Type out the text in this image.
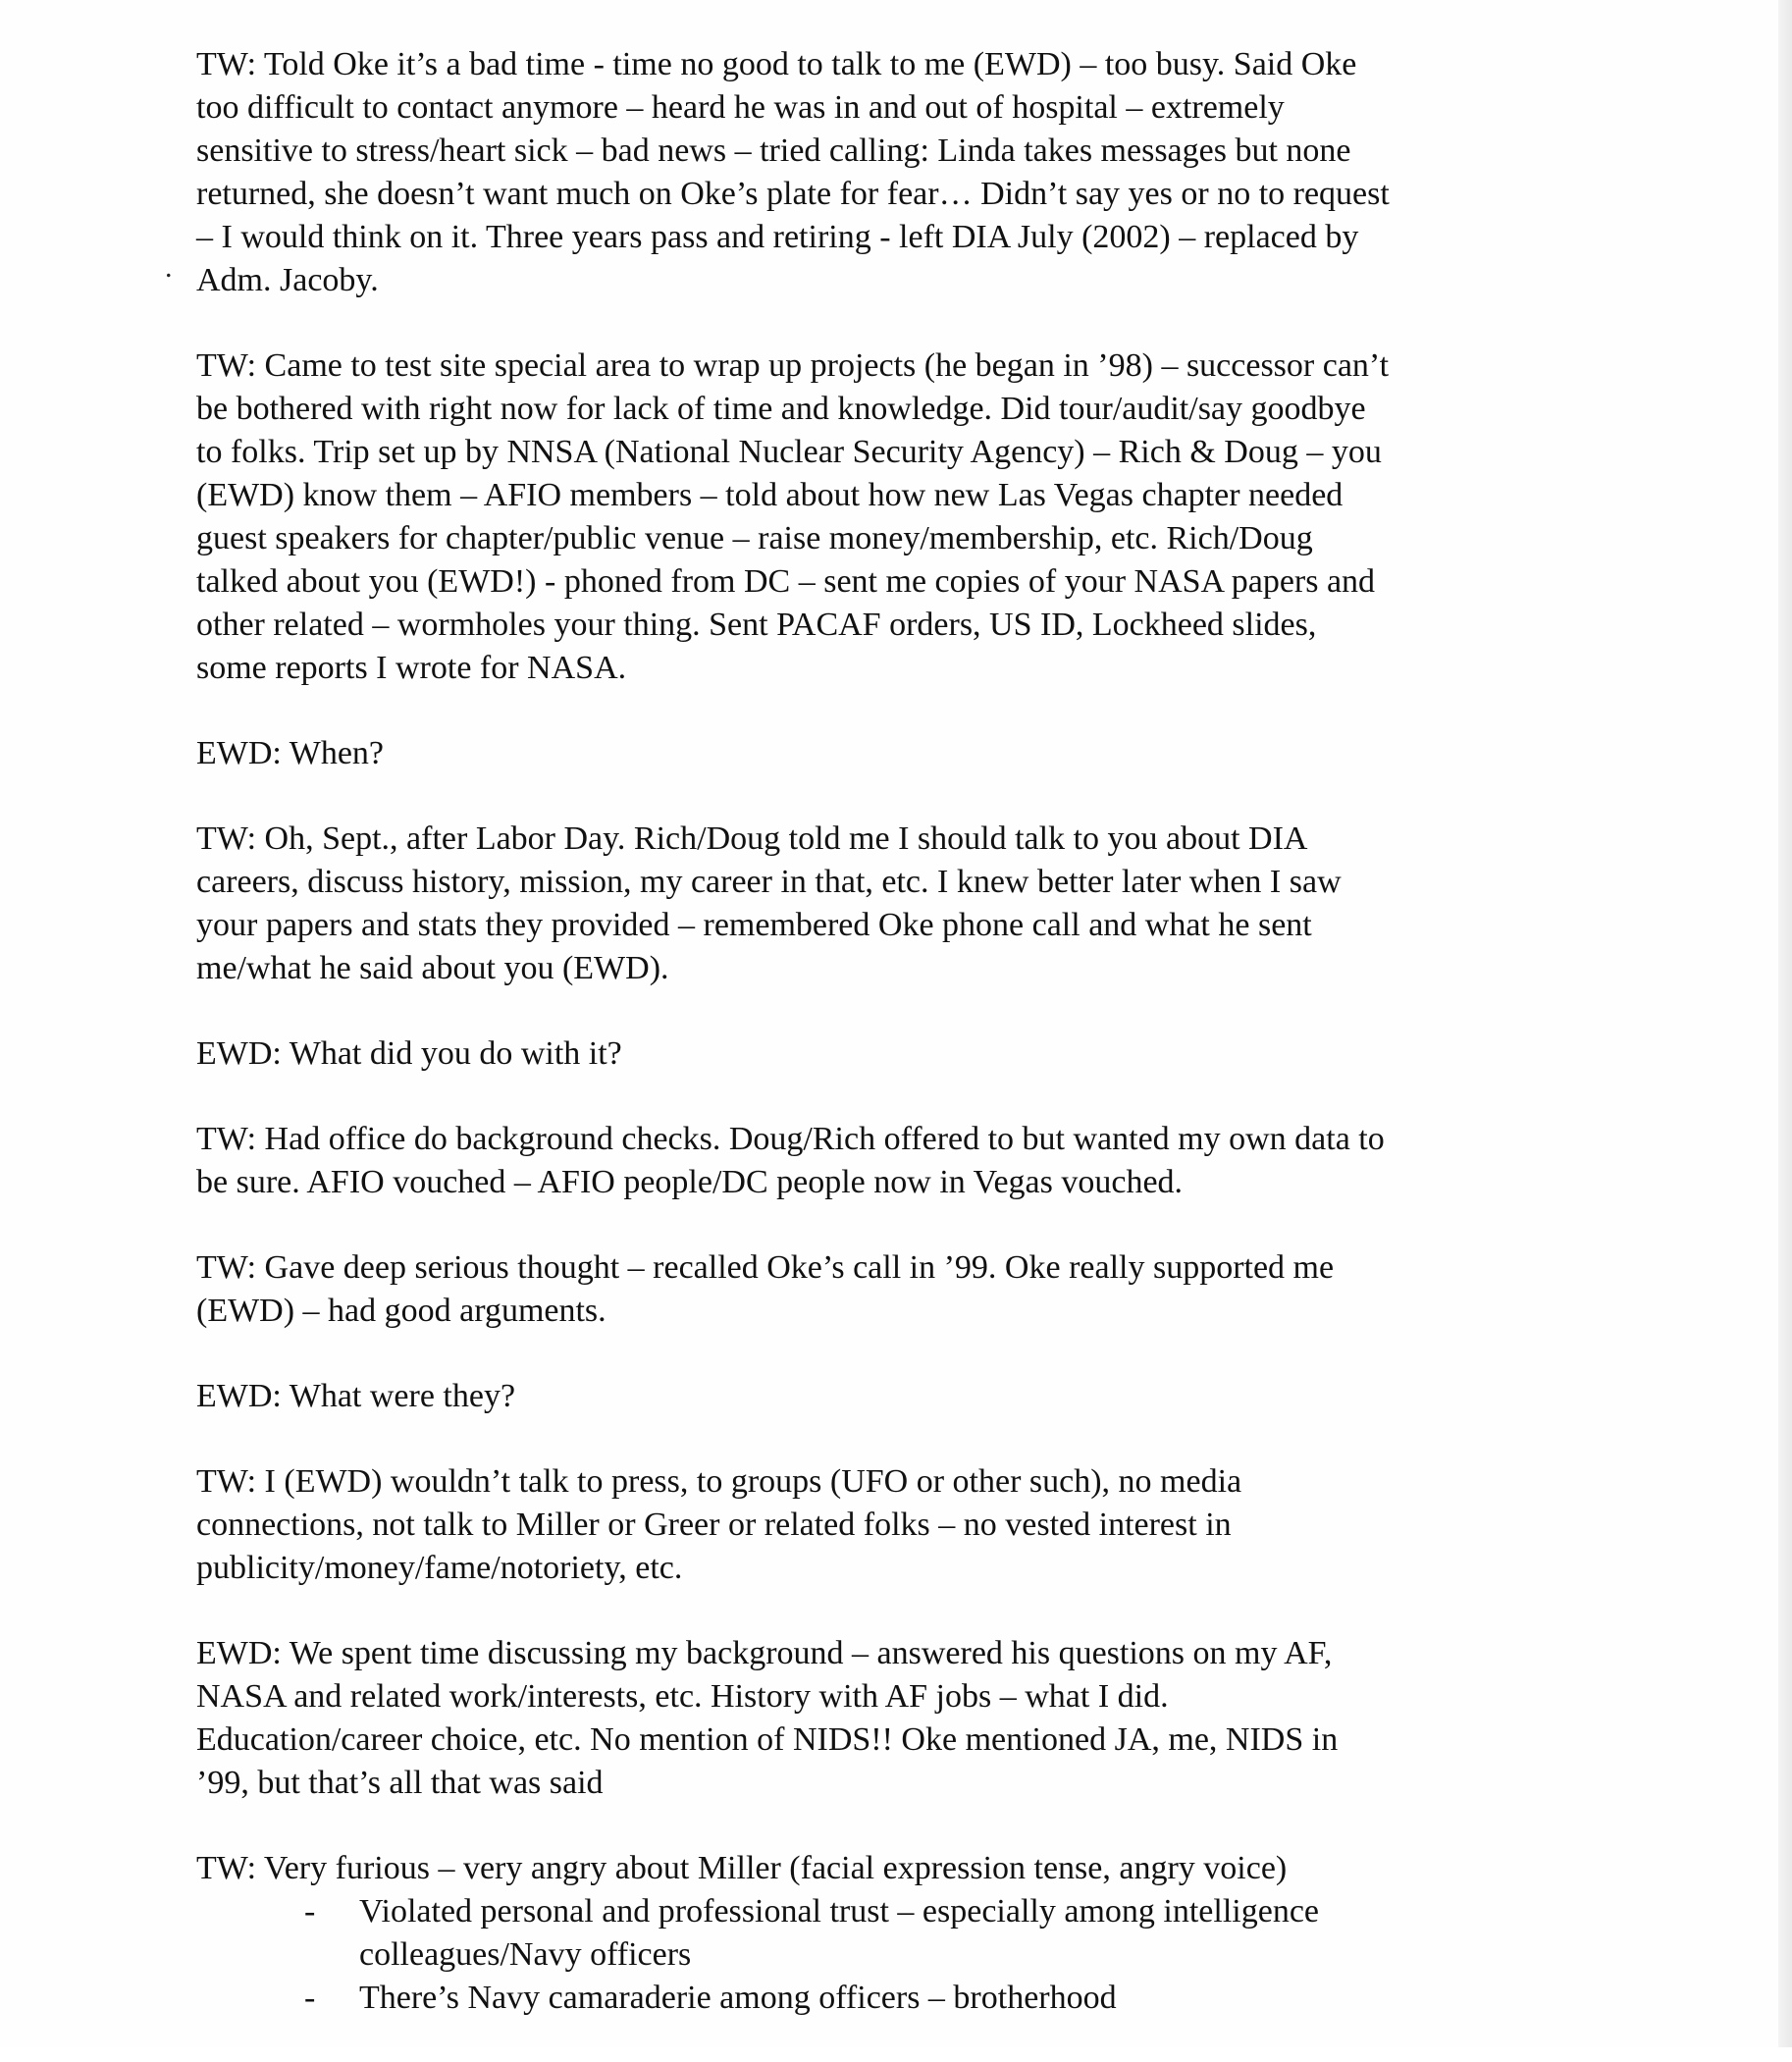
.
TW: Told Oke it’s a bad time - time no good to talk to me (EWD) – too busy. Said Oke
too difficult to contact anymore – heard he was in and out of hospital – extremely
sensitive to stress/heart sick – bad news – tried calling: Linda takes messages but none
returned, she doesn’t want much on Oke’s plate for fear… Didn’t say yes or no to request
– I would think on it. Three years pass and retiring - left DIA July (2002) – replaced by
Adm. Jacoby.
TW: Came to test site special area to wrap up projects (he began in ’98) – successor can’t
be bothered with right now for lack of time and knowledge. Did tour/audit/say goodbye
to folks. Trip set up by NNSA (National Nuclear Security Agency) – Rich & Doug – you
(EWD) know them – AFIO members – told about how new Las Vegas chapter needed
guest speakers for chapter/public venue – raise money/membership, etc. Rich/Doug
talked about you (EWD!) - phoned from DC – sent me copies of your NASA papers and
other related – wormholes your thing. Sent PACAF orders, US ID, Lockheed slides,
some reports I wrote for NASA.
EWD: When?
TW: Oh, Sept., after Labor Day. Rich/Doug told me I should talk to you about DIA
careers, discuss history, mission, my career in that, etc. I knew better later when I saw
your papers and stats they provided – remembered Oke phone call and what he sent
me/what he said about you (EWD).
EWD: What did you do with it?
TW: Had office do background checks. Doug/Rich offered to but wanted my own data to
be sure. AFIO vouched – AFIO people/DC people now in Vegas vouched.
TW: Gave deep serious thought – recalled Oke’s call in ’99. Oke really supported me
(EWD) – had good arguments.
EWD: What were they?
TW: I (EWD) wouldn’t talk to press, to groups (UFO or other such), no media
connections, not talk to Miller or Greer or related folks – no vested interest in
publicity/money/fame/notoriety, etc.
EWD: We spent time discussing my background – answered his questions on my AF,
NASA and related work/interests, etc. History with AF jobs – what I did.
Education/career choice, etc. No mention of NIDS!! Oke mentioned JA, me, NIDS in
’99, but that’s all that was said
TW: Very furious – very angry about Miller (facial expression tense, angry voice)
- Violated personal and professional trust – especially among intelligence
colleagues/Navy officers
- There’s Navy camaraderie among officers – brotherhood
